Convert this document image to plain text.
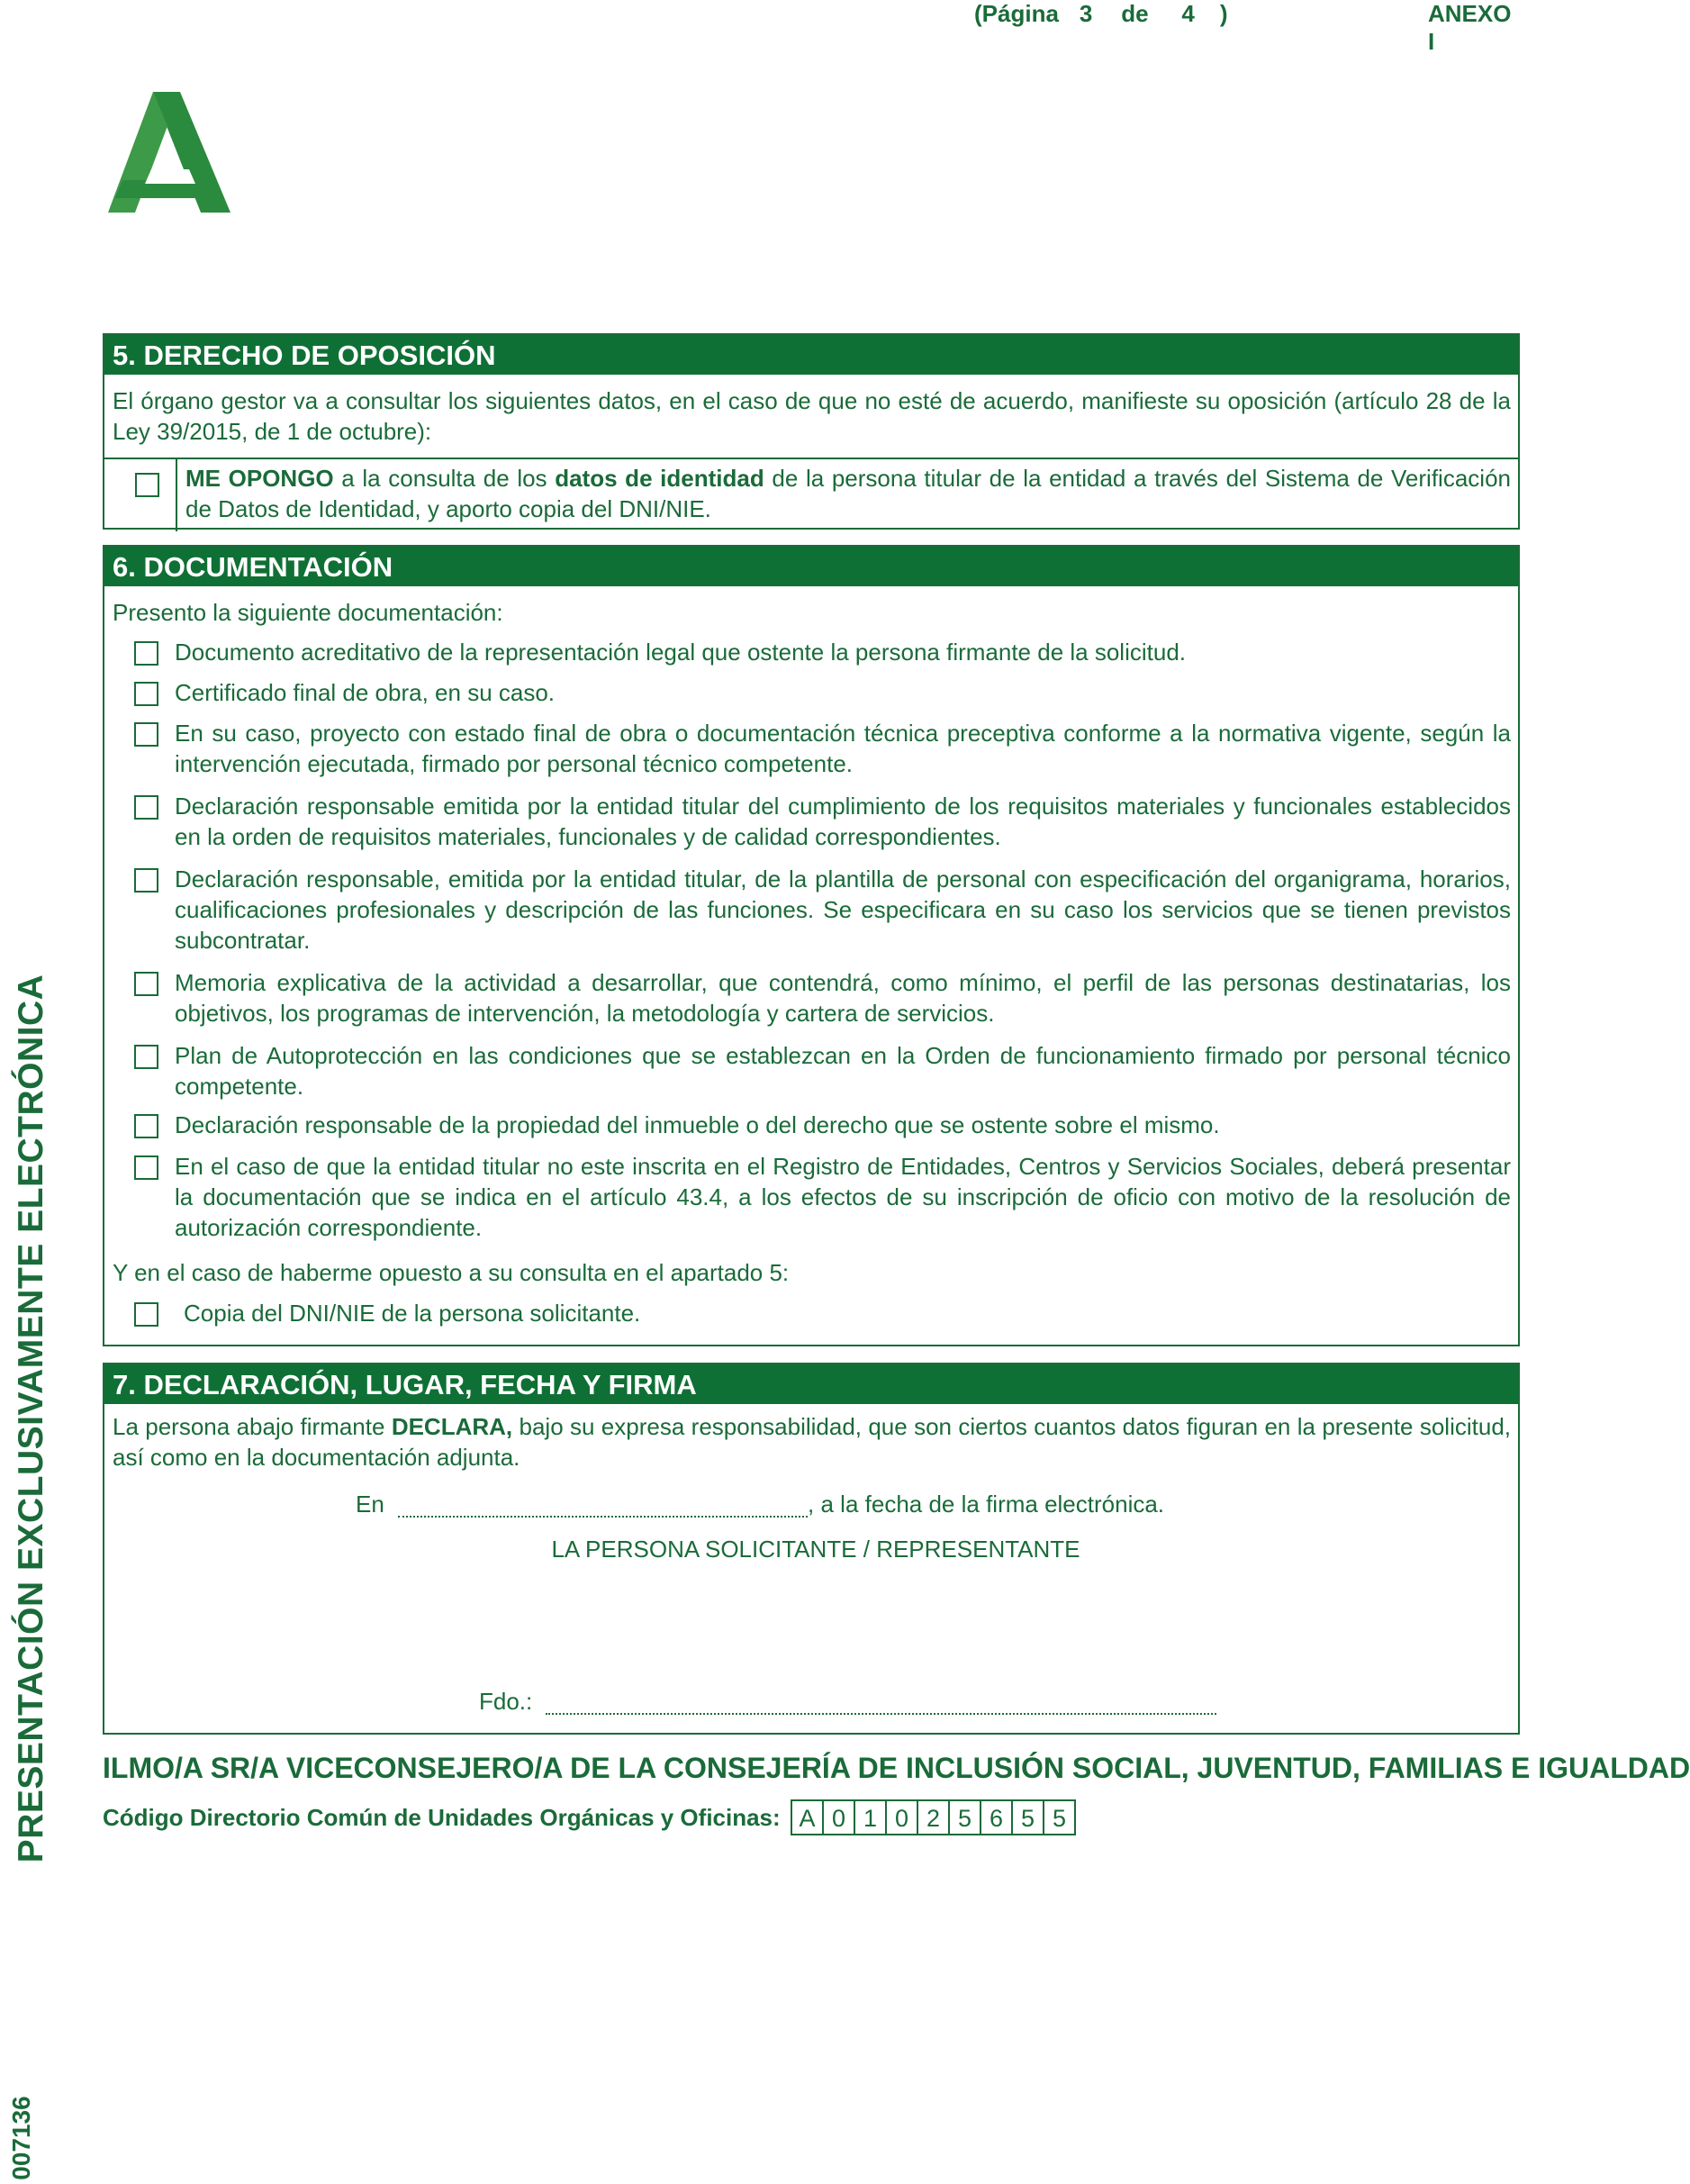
(Página 3 de 4 )	ANEXO I
PRESENTACIÓN EXCLUSIVAMENTE ELECTRÓNICA
007136
5. DERECHO DE OPOSICIÓN
El órgano gestor va a consultar los siguientes datos, en el caso de que no esté de acuerdo, manifieste su oposición (artículo 28 de la Ley 39/2015, de 1 de octubre):
ME OPONGO a la consulta de los datos de identidad de la persona titular de la entidad a través del Sistema de Verificación de Datos de Identidad, y aporto copia del DNI/NIE.
6. DOCUMENTACIÓN
Presento la siguiente documentación:
Documento acreditativo de la representación legal que ostente la persona firmante de la solicitud.
Certificado final de obra, en su caso.
En su caso, proyecto con estado final de obra o documentación técnica preceptiva conforme a la normativa vigente, según la intervención ejecutada, firmado por personal técnico competente.
Declaración responsable emitida por la entidad titular del cumplimiento de los requisitos materiales y funcionales establecidos en la orden de requisitos materiales, funcionales y de calidad correspondientes.
Declaración responsable, emitida por la entidad titular, de la plantilla de personal con especificación del organigrama, horarios, cualificaciones profesionales y descripción de las funciones. Se especificara en su caso los servicios que se tienen previstos subcontratar.
Memoria explicativa de la actividad a desarrollar, que contendrá, como mínimo, el perfil de las personas destinatarias, los objetivos, los programas de intervención, la metodología y cartera de servicios.
Plan de Autoprotección en las condiciones que se establezcan en la Orden de funcionamiento firmado por personal técnico competente.
Declaración responsable de la propiedad del inmueble o del derecho que se ostente sobre el mismo.
En el caso de que la entidad titular no este inscrita en el Registro de Entidades, Centros y Servicios Sociales, deberá presentar la documentación que se indica en el artículo 43.4, a los efectos de su inscripción de oficio con motivo de la resolución de autorización correspondiente.
Y en el caso de haberme opuesto a su consulta en el apartado 5:
Copia del DNI/NIE de la persona solicitante.
7. DECLARACIÓN, LUGAR, FECHA Y FIRMA
La persona abajo firmante DECLARA, bajo su expresa responsabilidad, que son ciertos cuantos datos figuran en la presente solicitud, así como en la documentación adjunta.
En	, a la fecha de la firma electrónica.
LA PERSONA SOLICITANTE / REPRESENTANTE
Fdo.:
ILMO/A SR/A VICECONSEJERO/A DE LA CONSEJERÍA DE INCLUSIÓN SOCIAL, JUVENTUD, FAMILIAS E IGUALDAD
Código Directorio Común de Unidades Orgánicas y Oficinas: A 0 1 0 2 5 6 5 5
